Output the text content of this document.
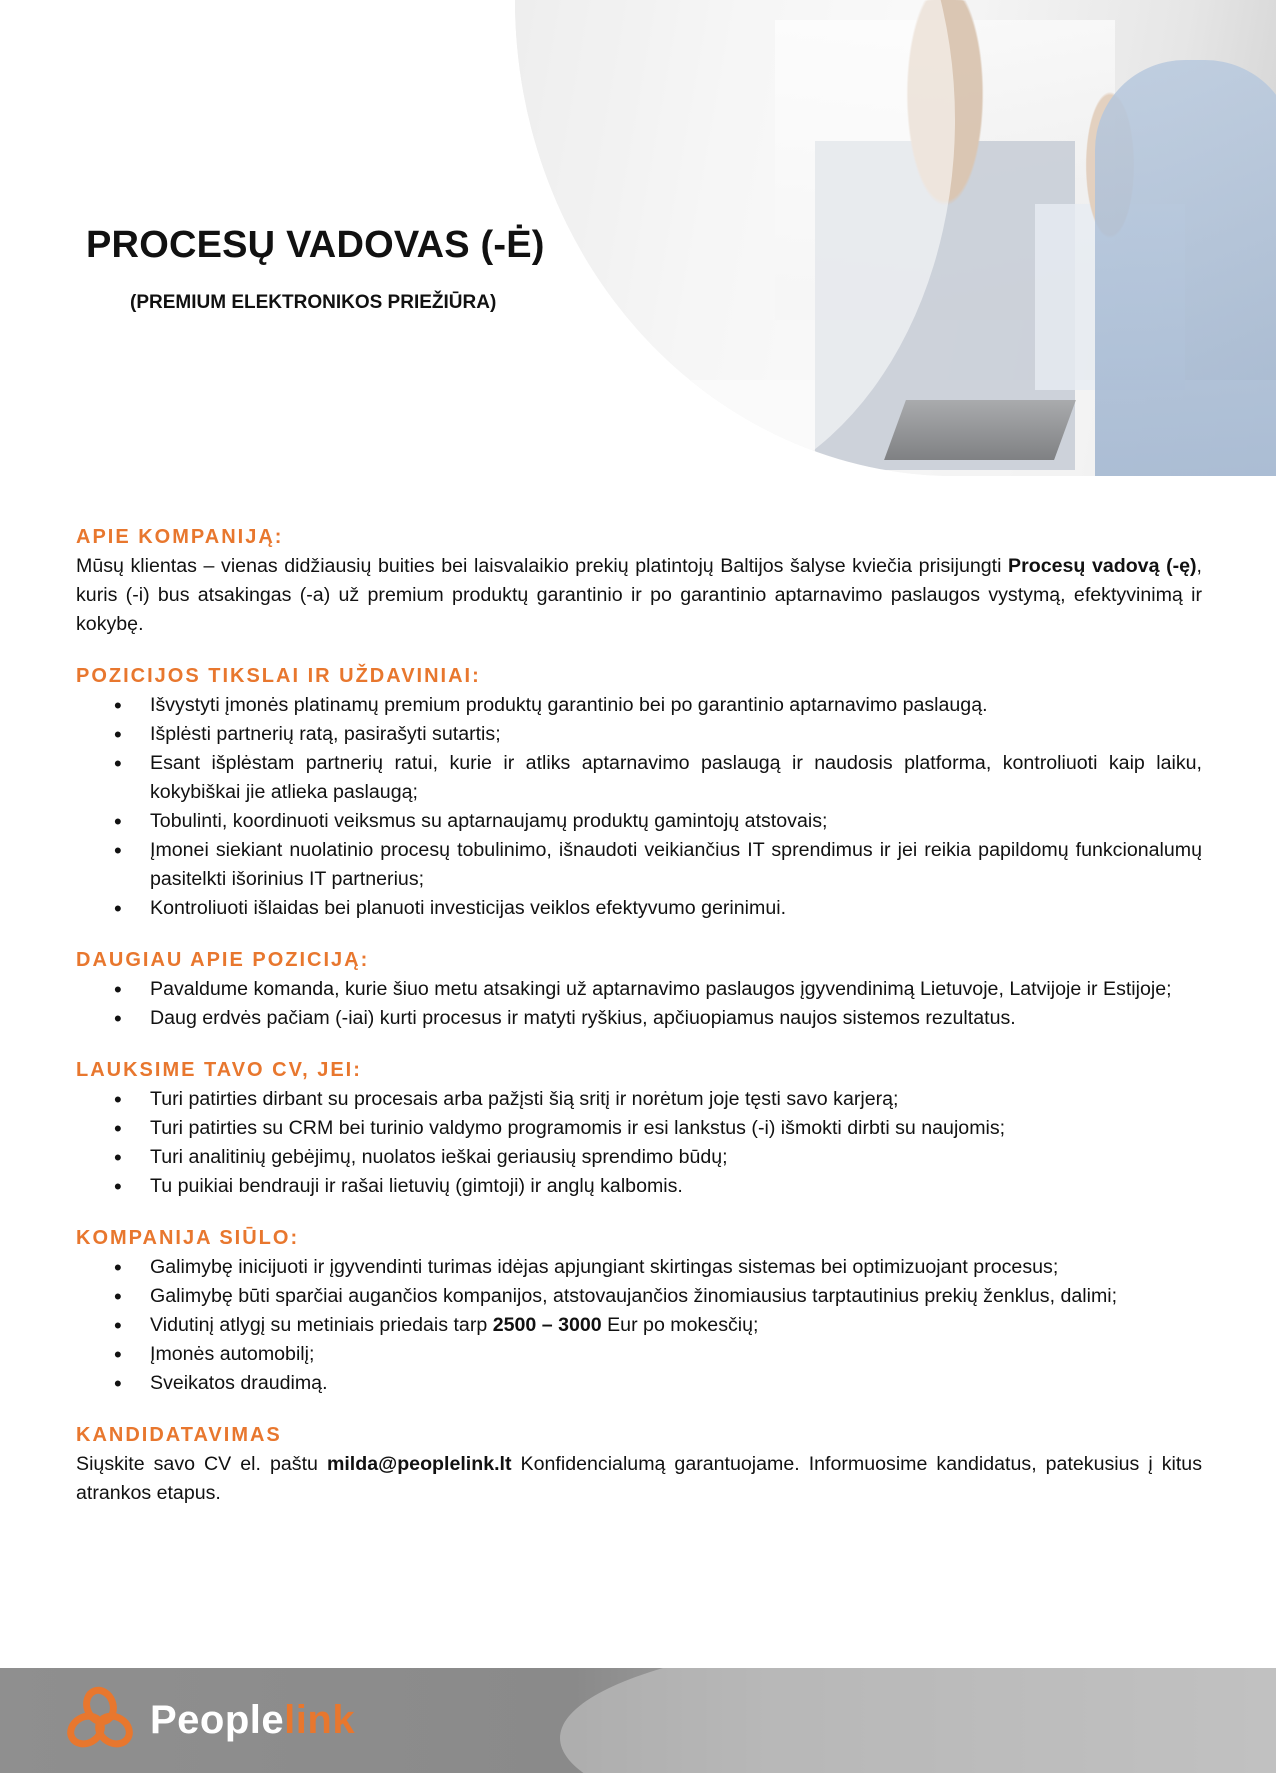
PROCESŲ VADOVAS (-Ė)
(PREMIUM ELEKTRONIKOS PRIEŽIŪRA)
APIE KOMPANIJĄ:
Mūsų klientas – vienas didžiausių buities bei laisvalaikio prekių platintojų Baltijos šalyse kviečia prisijungti Procesų vadovą (-ę), kuris (-i) bus atsakingas (-a) už premium produktų garantinio ir po garantinio aptarnavimo paslaugos vystymą, efektyvinimą ir kokybę.
POZICIJOS TIKSLAI IR UŽDAVINIAI:
• Išvystyti įmonės platinamų premium produktų garantinio bei po garantinio aptarnavimo paslaugą.
• Išplėsti partnerių ratą, pasirašyti sutartis;
• Esant išplėstam partnerių ratui, kurie ir atliks aptarnavimo paslaugą ir naudosis platforma, kontroliuoti kaip laiku, kokybiškai jie atlieka paslaugą;
• Tobulinti, koordinuoti veiksmus su aptarnaujamų produktų gamintojų atstovais;
• Įmonei siekiant nuolatinio procesų tobulinimo, išnaudoti veikiančius IT sprendimus ir jei reikia papildomų funkcionalumų pasitelkti išorinius IT partnerius;
• Kontroliuoti išlaidas bei planuoti investicijas veiklos efektyvumo gerinimui.
DAUGIAU APIE POZICIJĄ:
• Pavaldume komanda, kurie šiuo metu atsakingi už aptarnavimo paslaugos įgyvendinimą Lietuvoje, Latvijoje ir Estijoje;
• Daug erdvės pačiam (-iai) kurti procesus ir matyti ryškius, apčiuopiamus naujos sistemos rezultatus.
LAUKSIME TAVO CV, JEI:
• Turi patirties dirbant su procesais arba pažįsti šią sritį ir norėtum joje tęsti savo karjerą;
• Turi patirties su CRM bei turinio valdymo programomis ir esi lankstus (-i) išmokti dirbti su naujomis;
• Turi analitinių gebėjimų, nuolatos ieškai geriausių sprendimo būdų;
• Tu puikiai bendrauji ir rašai lietuvių (gimtoji) ir anglų kalbomis.
KOMPANIJA SIŪLO:
• Galimybę inicijuoti ir įgyvendinti turimas idėjas apjungiant skirtingas sistemas bei optimizuojant procesus;
• Galimybę būti sparčiai augančios kompanijos, atstovaujančios žinomiausius tarptautinius prekių ženklus, dalimi;
• Vidutinį atlygį su metiniais priedais tarp 2500 – 3000 Eur po mokesčių;
• Įmonės automobilį;
• Sveikatos draudimą.
KANDIDATAVIMAS
Siųskite savo CV el. paštu milda@peoplelink.lt Konfidencialumą garantuojame. Informuosime kandidatus, patekusius į kitus atrankos etapus.
Peoplelink
